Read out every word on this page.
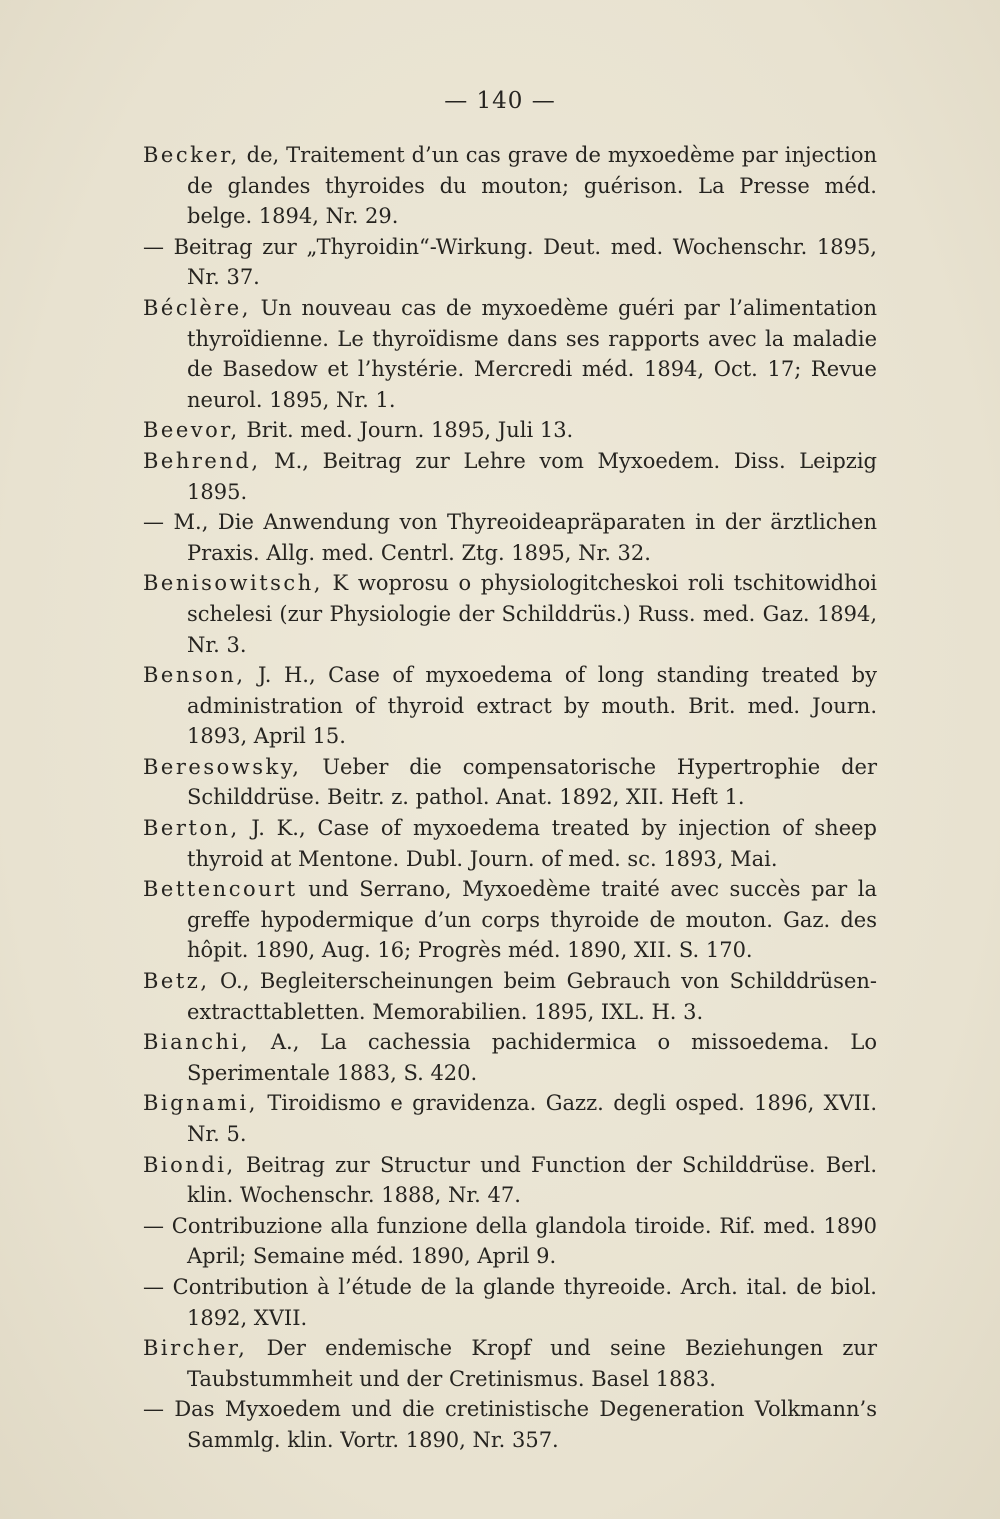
— 140 —

Becker, de, Traitement d’un cas grave de myxoedème par injection de glandes thyroides du mouton; guérison. La Presse méd. belge. 1894, Nr. 29.

— Beitrag zur „Thyroidin“-Wirkung. Deut. med. Wochenschr. 1895, Nr. 37.

Béclère, Un nouveau cas de myxoedème guéri par l’alimentation thyroïdienne. Le thyroïdisme dans ses rapports avec la maladie de Basedow et l’hystérie. Mercredi méd. 1894, Oct. 17; Revue neurol. 1895, Nr. 1.

Beevor, Brit. med. Journ. 1895, Juli 13.

Behrend, M., Beitrag zur Lehre vom Myxoedem. Diss. Leipzig 1895.

— M., Die Anwendung von Thyreoideapräparaten in der ärztlichen Praxis. Allg. med. Centrl. Ztg. 1895, Nr. 32.

Benisowitsch, K woprosu o physiologitcheskoi roli tschitowidhoi schelesi (zur Physiologie der Schilddrüs.) Russ. med. Gaz. 1894, Nr. 3.

Benson, J. H., Case of myxoedema of long standing treated by administration of thyroid extract by mouth. Brit. med. Journ. 1893, April 15.

Beresowsky, Ueber die compensatorische Hypertrophie der Schilddrüse. Beitr. z. pathol. Anat. 1892, XII. Heft 1.

Berton, J. K., Case of myxoedema treated by injection of sheep thyroid at Mentone. Dubl. Journ. of med. sc. 1893, Mai.

Bettencourt und Serrano, Myxoedème traité avec succès par la greffe hypodermique d’un corps thyroide de mouton. Gaz. des hôpit. 1890, Aug. 16; Progrès méd. 1890, XII. S. 170.

Betz, O., Begleiterscheinungen beim Gebrauch von Schilddrüsen-extracttabletten. Memorabilien. 1895, IXL. H. 3.

Bianchi, A., La cachessia pachidermica o missoedema. Lo Sperimentale 1883, S. 420.

Bignami, Tiroidismo e gravidenza. Gazz. degli osped. 1896, XVII. Nr. 5.

Biondi, Beitrag zur Structur und Function der Schilddrüse. Berl. klin. Wochenschr. 1888, Nr. 47.

— Contribuzione alla funzione della glandola tiroide. Rif. med. 1890 April; Semaine méd. 1890, April 9.

— Contribution à l’étude de la glande thyreoide. Arch. ital. de biol. 1892, XVII.

Bircher, Der endemische Kropf und seine Beziehungen zur Taubstummheit und der Cretinismus. Basel 1883.

— Das Myxoedem und die cretinistische Degeneration Volkmann’s Sammlg. klin. Vortr. 1890, Nr. 357.
